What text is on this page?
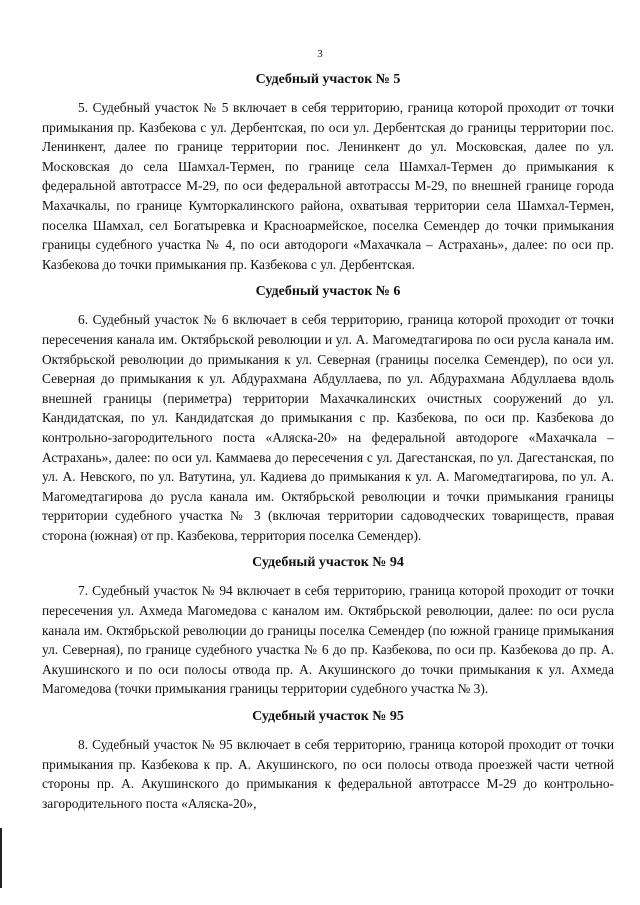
3
Судебный участок № 5

5. Судебный участок № 5 включает в себя территорию, граница которой проходит от точки примыкания пр. Казбекова с ул. Дербентская, по оси ул. Дербентская до границы территории пос. Ленинкент, далее по границе территории пос. Ленинкент до ул. Московская, далее по ул. Московская до села Шамхал-Термен, по границе села Шамхал-Термен до примыкания к федеральной автотрассе М-29, по оси федеральной автотрассы М-29, по внешней границе города Махачкалы, по границе Кумторкалинского района, охватывая территории села Шамхал-Термен, поселка Шамхал, сел Богатыревка и Красноармейское, поселка Семендер до точки примыкания границы судебного участка № 4, по оси автодороги «Махачкала – Астрахань», далее: по оси пр. Казбекова до точки примыкания пр. Казбекова с ул. Дербентская.

Судебный участок № 6

6. Судебный участок № 6 включает в себя территорию, граница которой проходит от точки пересечения канала им. Октябрьской революции и ул. А. Магомедтагирова по оси русла канала им. Октябрьской революции до примыкания к ул. Северная (границы поселка Семендер), по оси ул. Северная до примыкания к ул. Абдурахмана Абдуллаева, по ул. Абдурахмана Абдуллаева вдоль внешней границы (периметра) территории Махачкалинских очистных сооружений до ул. Кандидатская, по ул. Кандидатская до примыкания с пр. Казбекова, по оси пр. Казбекова до контрольно-загородительного поста «Аляска-20» на федеральной автодороге «Махачкала – Астрахань», далее: по оси ул. Каммаева до пересечения с ул. Дагестанская, по ул. Дагестанская, по ул. А. Невского, по ул. Ватутина, ул. Кадиева до примыкания к ул. А. Магомедтагирова, по ул. А. Магомедтагирова до русла канала им. Октябрьской революции и точки примыкания границы территории судебного участка № 3 (включая территории садоводческих товариществ, правая сторона (южная) от пр. Казбекова, территория поселка Семендер).

Судебный участок № 94

7. Судебный участок № 94 включает в себя территорию, граница которой проходит от точки пересечения ул. Ахмеда Магомедова с каналом им. Октябрьской революции, далее: по оси русла канала им. Октябрьской революции до границы поселка Семендер (по южной границе примыкания ул. Северная), по границе судебного участка № 6 до пр. Казбекова, по оси пр. Казбекова до пр. А. Акушинского и по оси полосы отвода пр. А. Акушинского до точки примыкания к ул. Ахмеда Магомедова (точки примыкания границы территории судебного участка № 3).

Судебный участок № 95

8. Судебный участок № 95 включает в себя территорию, граница которой проходит от точки примыкания пр. Казбекова к пр. А. Акушинского, по оси полосы отвода проезжей части четной стороны пр. А. Акушинского до примыкания к федеральной автотрассе М-29 до контрольно-загородительного поста «Аляска-20»,
